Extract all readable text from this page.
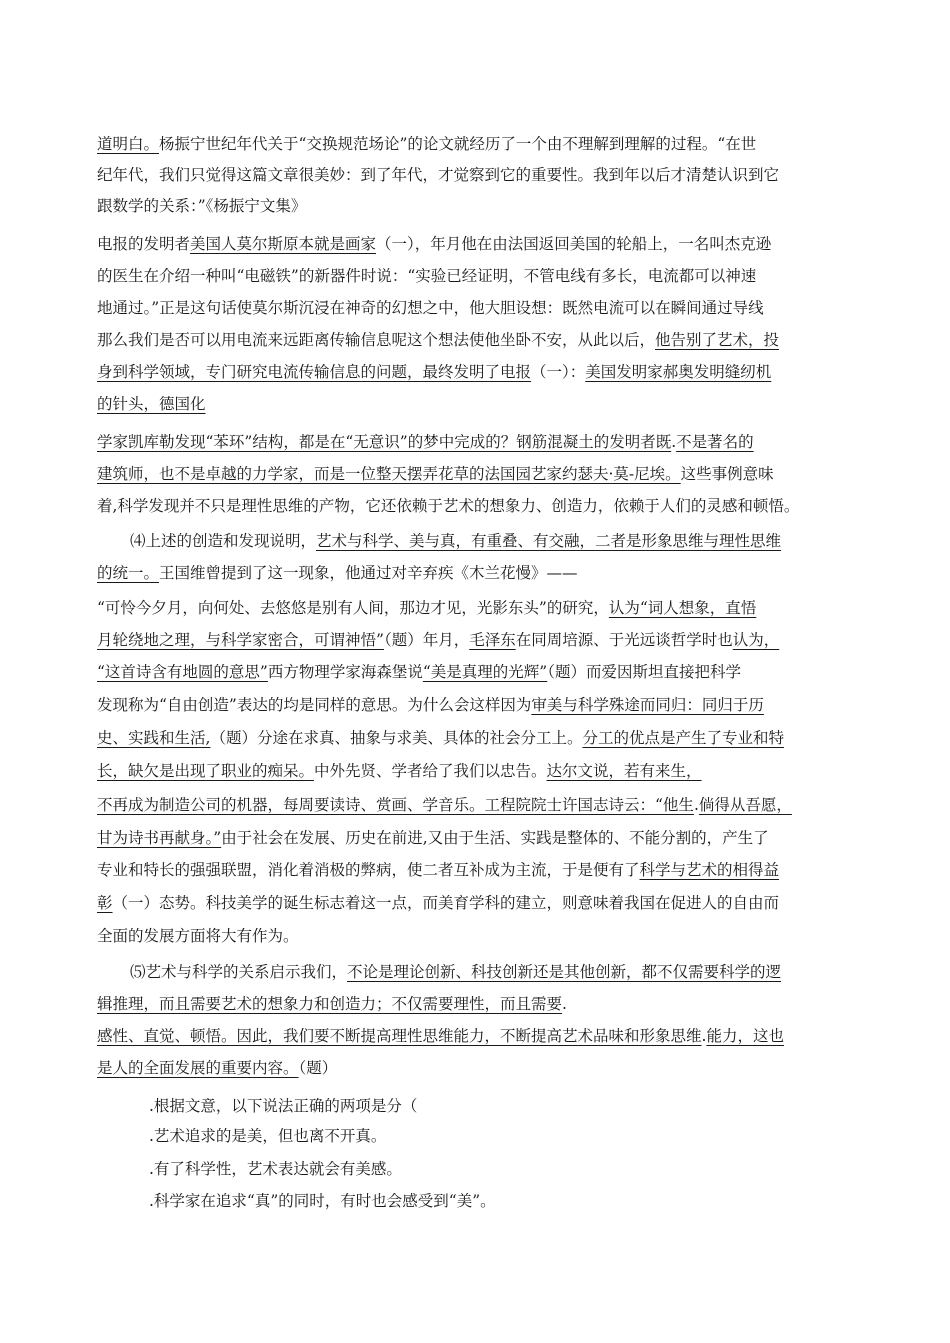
道明白。杨振宁世纪年代关于“交换规范场论”的论文就经历了一个由不理解到理解的过程。“在世
纪年代，我们只觉得这篇文章很美妙：到了年代，才觉察到它的重要性。我到年以后才清楚认识到它
跟数学的关系：”《杨振宁文集》
电报的发明者美国人莫尔斯原本就是画家（一），年月他在由法国返回美国的轮船上，一名叫杰克逊
的医生在介绍一种叫“电磁铁”的新器件时说：“实验已经证明，不管电线有多长，电流都可以神速
地通过。”正是这句话使莫尔斯沉浸在神奇的幻想之中，他大胆设想：既然电流可以在瞬间通过导线
那么我们是否可以用电流来远距离传输信息呢这个想法使他坐卧不安，从此以后，他告别了艺术，投
身到科学领域，专门研究电流传输信息的问题，最终发明了电报（一）：美国发明家郝奥发明缝纫机
的针头，德国化
学家凯库勒发现“苯环”结构，都是在“无意识”的梦中完成的？钢筋混凝土的发明者既.不是著名的
建筑师，也不是卓越的力学家，而是一位整天摆弄花草的法国园艺家约瑟夫·莫-尼埃。这些事例意味
着,科学发现并不只是理性思维的产物，它还依赖于艺术的想象力、创造力，依赖于人们的灵感和顿悟。
⑷上述的创造和发现说明，艺术与科学、美与真，有重叠、有交融，二者是形象思维与理性思维
的统一。王国维曾提到了这一现象，他通过对辛弃疾《木兰花慢》——
“可怜今夕月，向何处、去悠悠是别有人间，那边才见，光影东头”的研究，认为“词人想象，直悟
月轮绕地之理，与科学家密合，可谓神悟”（题）年月，毛泽东在同周培源、于光远谈哲学时也认为，
“这首诗含有地圆的意思”西方物理学家海森堡说“美是真理的光辉”（题）而爱因斯坦直接把科学
发现称为“自由创造”表达的均是同样的意思。为什么会这样因为审美与科学殊途而同归：同归于历
史、实践和生活,（题）分途在求真、抽象与求美、具体的社会分工上。分工的优点是产生了专业和特
长，缺欠是出现了职业的痴呆。中外先贤、学者给了我们以忠告。达尔文说，若有来生，
不再成为制造公司的机器，每周要读诗、赏画、学音乐。工程院院士许国志诗云：“他生.倘得从吾愿，
甘为诗书再献身。”由于社会在发展、历史在前进,又由于生活、实践是整体的、不能分割的，产生了
专业和特长的强强联盟，消化着消极的弊病，使二者互补成为主流，于是便有了科学与艺术的相得益
彰（一）态势。科技美学的诞生标志着这一点，而美育学科的建立，则意味着我国在促进人的自由而
全面的发展方面将大有作为。
⑸艺术与科学的关系启示我们，不论是理论创新、科技创新还是其他创新，都不仅需要科学的逻
辑推理，而且需要艺术的想象力和创造力；不仅需要理性，而且需要.
感性、直觉、顿悟。因此，我们要不断提高理性思维能力，不断提高艺术品味和形象思维.能力，这也
是人的全面发展的重要内容。（题）
.根据文意，以下说法正确的两项是分（
.艺术追求的是美，但也离不开真。
.有了科学性，艺术表达就会有美感。
.科学家在追求“真”的同时，有时也会感受到“美”。
